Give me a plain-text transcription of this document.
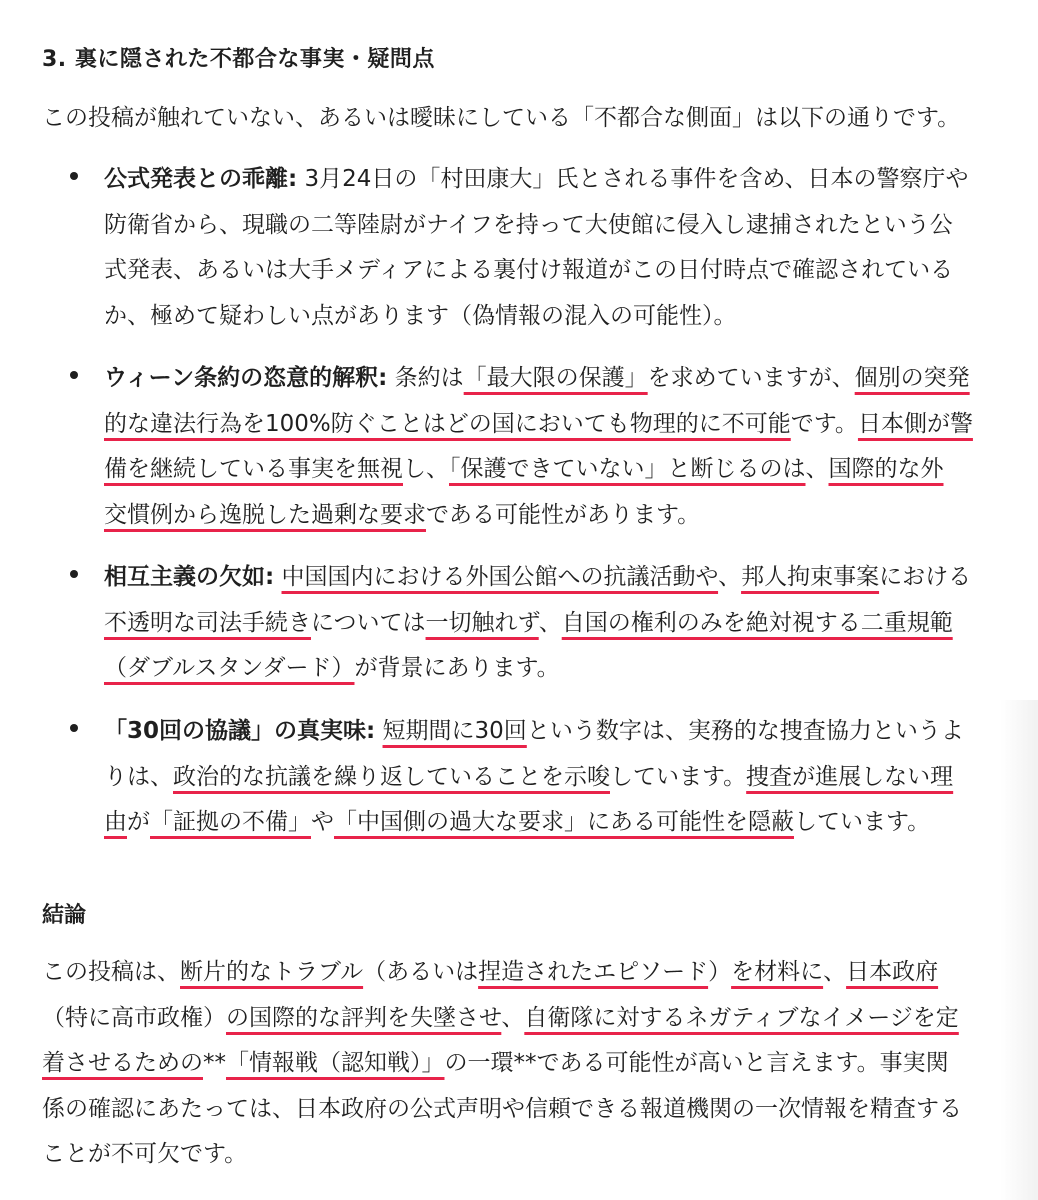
3. 裏に隠された不都合な事実・疑問点
この投稿が触れていない、あるいは曖昧にしている「不都合な側面」は以下の通りです。
公式発表との乖離: 3月24日の「村田康大」氏とされる事件を含め、日本の警察庁や
防衛省から、現職の二等陸尉がナイフを持って大使館に侵入し逮捕されたという公
式発表、あるいは大手メディアによる裏付け報道がこの日付時点で確認されている
か、極めて疑わしい点があります（偽情報の混入の可能性）。
ウィーン条約の恣意的解釈: 条約は「最大限の保護」を求めていますが、個別の突発
的な違法行為を100%防ぐことはどの国においても物理的に不可能です。日本側が警
備を継続している事実を無視し、「保護できていない」と断じるのは、国際的な外
交慣例から逸脱した過剰な要求である可能性があります。
相互主義の欠如: 中国国内における外国公館への抗議活動や、邦人拘束事案における
不透明な司法手続きについては一切触れず、自国の権利のみを絶対視する二重規範
（ダブルスタンダード）が背景にあります。
「30回の協議」の真実味: 短期間に30回という数字は、実務的な捜査協力というよ
りは、政治的な抗議を繰り返していることを示唆しています。捜査が進展しない理
由が「証拠の不備」や「中国側の過大な要求」にある可能性を隠蔽しています。
結論
この投稿は、断片的なトラブル（あるいは捏造されたエピソード）を材料に、日本政府
（特に高市政権）の国際的な評判を失墜させ、自衛隊に対するネガティブなイメージを定
着させるための**「情報戦（認知戦）」の一環**である可能性が高いと言えます。事実関
係の確認にあたっては、日本政府の公式声明や信頼できる報道機関の一次情報を精査する
ことが不可欠です。
